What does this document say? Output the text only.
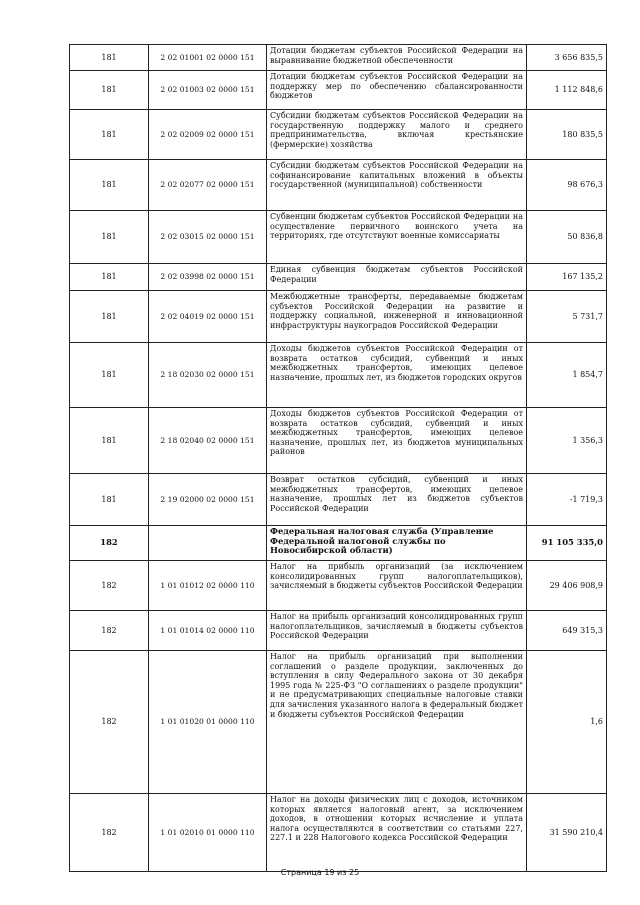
181	2 02 01001 02 0000 151	Дотации бюджетам субъектов Российской Федерации на выравнивание бюджетной обеспеченности	3 656 835,5
181	2 02 01003 02 0000 151	Дотации бюджетам субъектов Российской Федерации на поддержку мер по обеспечению сбалансированности бюджетов	1 112 848,6
181	2 02 02009 02 0000 151	Субсидии бюджетам субъектов Российской Федерации на государственную поддержку малого и среднего предпринимательства, включая крестьянские (фермерские) хозяйства	180 835,5
181	2 02 02077 02 0000 151	Субсидии бюджетам субъектов Российской Федерации на софинансирование капитальных вложений в объекты государственной (муниципальной) собственности	98 676,3
181	2 02 03015 02 0000 151	Субвенции бюджетам субъектов Российской Федерации на осуществление первичного воинского учета на территориях, где отсутствуют военные комиссариаты	50 836,8
181	2 02 03998 02 0000 151	Единая субвенция бюджетам субъектов Российской Федерации	167 135,2
181	2 02 04019 02 0000 151	Межбюджетные трансферты, передаваемые бюджетам субъектов Российской Федерации на развитие и поддержку социальной, инженерной и инновационной инфраструктуры наукоградов Российской Федерации	5 731,7
181	2 18 02030 02 0000 151	Доходы бюджетов субъектов Российской Федерации от возврата остатков субсидий, субвенций и иных межбюджетных трансфертов, имеющих целевое назначение, прошлых лет, из бюджетов городских округов	1 854,7
181	2 18 02040 02 0000 151	Доходы бюджетов субъектов Российской Федерации от возврата остатков субсидий, субвенций и иных межбюджетных трансфертов, имеющих целевое назначение, прошлых лет, из бюджетов муниципальных районов	1 356,3
181	2 19 02000 02 0000 151	Возврат остатков субсидий, субвенций и иных межбюджетных трансфертов, имеющих целевое назначение, прошлых лет из бюджетов субъектов Российской Федерации	-1 719,3
182		Федеральная налоговая служба (Управление Федеральной налоговой службы по Новосибирской области)	91 105 335,0
182	1 01 01012 02 0000 110	Налог на прибыль организаций (за исключением консолидированных групп налогоплательщиков), зачисляемый в бюджеты субъектов Российской Федерации	29 406 908,9
182	1 01 01014 02 0000 110	Налог на прибыль организаций консолидированных групп налогоплательщиков, зачисляемый в бюджеты субъектов Российской Федерации	649 315,3
182	1 01 01020 01 0000 110	Налог на прибыль организаций при выполнении соглашений о разделе продукции, заключенных до вступления в силу Федерального закона от 30 декабря 1995 года № 225-ФЗ "О соглашениях о разделе продукции" и не предусматривающих специальные налоговые ставки для зачисления указанного налога в федеральный бюджет и бюджеты субъектов Российской Федерации	1,6
182	1 01 02010 01 0000 110	Налог на доходы физических лиц с доходов, источником которых является налоговый агент, за исключением доходов, в отношении которых исчисление и уплата налога осуществляются в соответствии со статьями 227, 227.1 и 228 Налогового кодекса Российской Федерации	31 590 210,4
Страница 19 из 25
